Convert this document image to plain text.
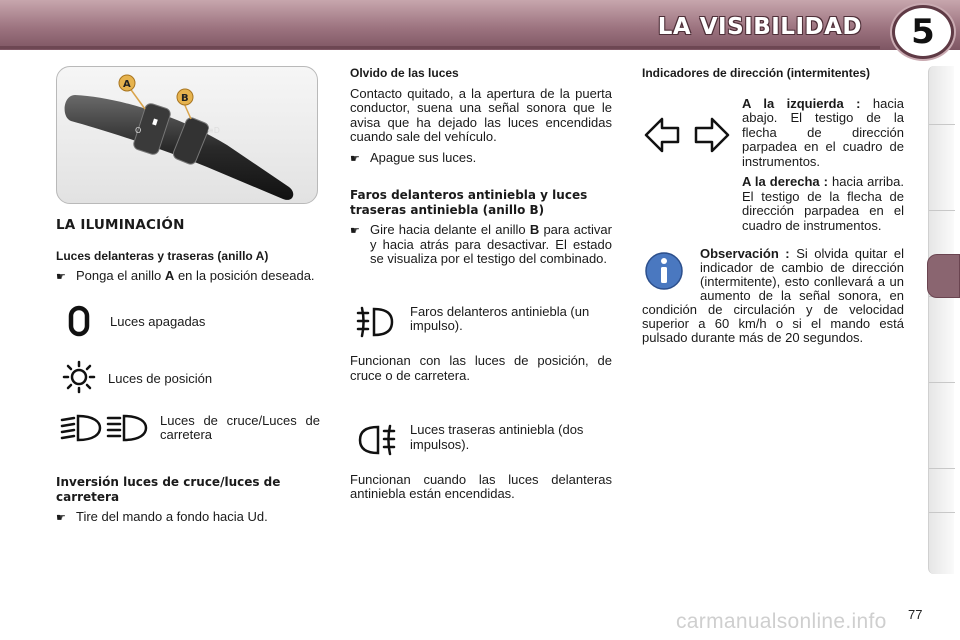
LA VISIBILIDAD	5
≡D
O
A
B
LA ILUMINACIÓN
Luces delanteras y traseras (anillo A)
☛ Ponga el anillo A en la posición deseada.
Luces apagadas
Luces de posición
Luces de cruce/Luces de carretera
Inversión luces de cruce/luces de carretera
☛ Tire del mando a fondo hacia Ud.
Olvido de las luces
Contacto quitado, a la apertura de la puerta conductor, suena una señal sonora que le avisa que ha dejado las luces encendidas cuando sale del vehículo.
☛ Apague sus luces.
Faros delanteros antiniebla y luces traseras antiniebla (anillo B)
☛ Gire hacia delante el anillo B para activar y hacia atrás para desactivar. El estado se visualiza por el testigo del combinado.
Faros delanteros antiniebla (un impulso).
Funcionan con las luces de posición, de cruce o de carretera.
Luces traseras antiniebla (dos impulsos).
Funcionan cuando las luces delanteras antiniebla están encendidas.
Indicadores de dirección (intermitentes)
A la izquierda : hacia abajo. El testigo de la flecha de dirección parpadea en el cuadro de instrumentos.
A la derecha : hacia arriba. El testigo de la flecha de dirección parpadea en el cuadro de instrumentos.
Observación : Si olvida quitar el indicador de cambio de dirección (intermitente), esto conllevará a un aumento de la señal sonora, en condición de circulación y de velocidad superior a 60 km/h o si el mando está pulsado durante más de 20 segundos.
carmanualsonline.info 77
